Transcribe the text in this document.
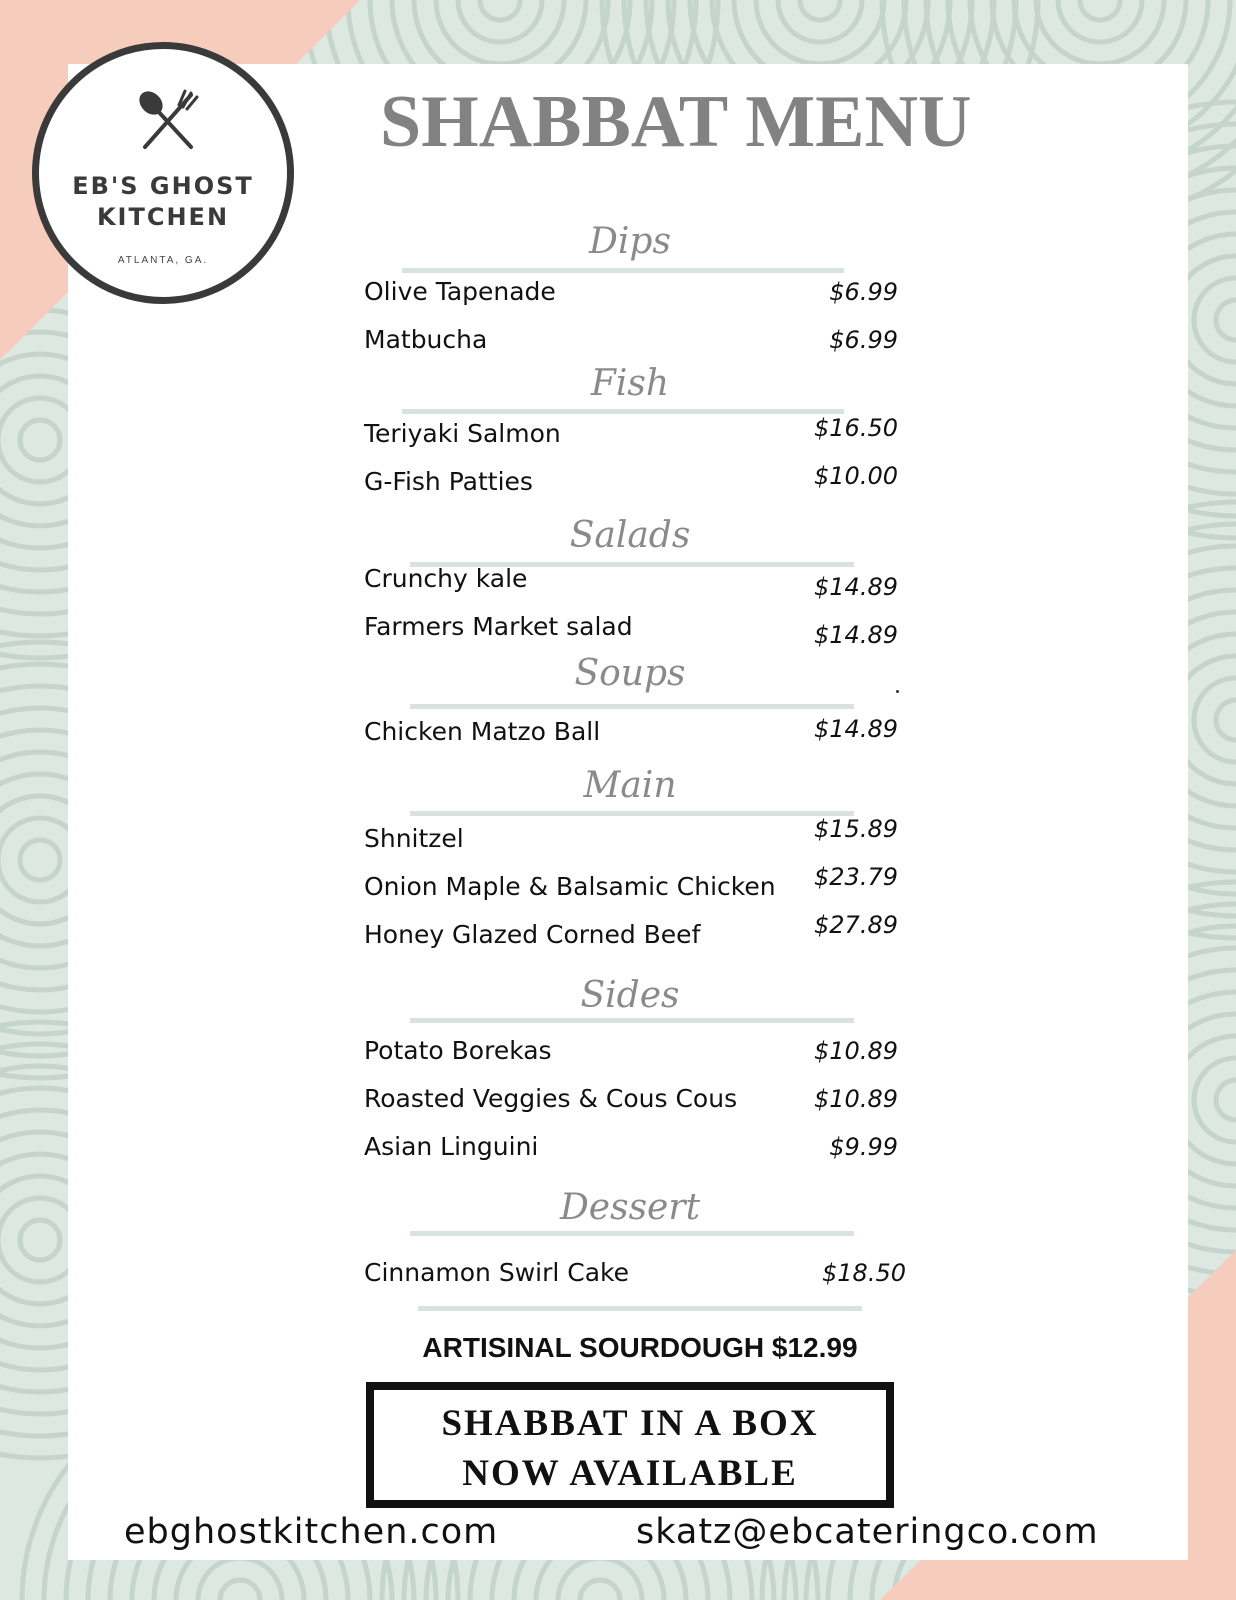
EB'S GHOST
KITCHEN
ATLANTA, GA.
SHABBAT MENU
Dips
Olive Tapenade	$6.99
Matbucha	$6.99
Fish
Teriyaki Salmon	$16.50
G-Fish Patties	$10.00
Salads
Crunchy kale	$14.89
Farmers Market salad	$14.89
Soups
Chicken Matzo Ball	$14.89
Main
Shnitzel	$15.89
Onion Maple & Balsamic Chicken $23.79
Honey Glazed Corned Beef	$27.89
Sides
Potato Borekas	$10.89
Roasted Veggies & Cous Cous	$10.89
Asian Linguini	$9.99
Dessert
Cinnamon Swirl Cake	$18.50
ARTISINAL SOURDOUGH $12.99
SHABBAT IN A BOX
NOW AVAILABLE
ebghostkitchen.com	skatz@ebcateringco.com
